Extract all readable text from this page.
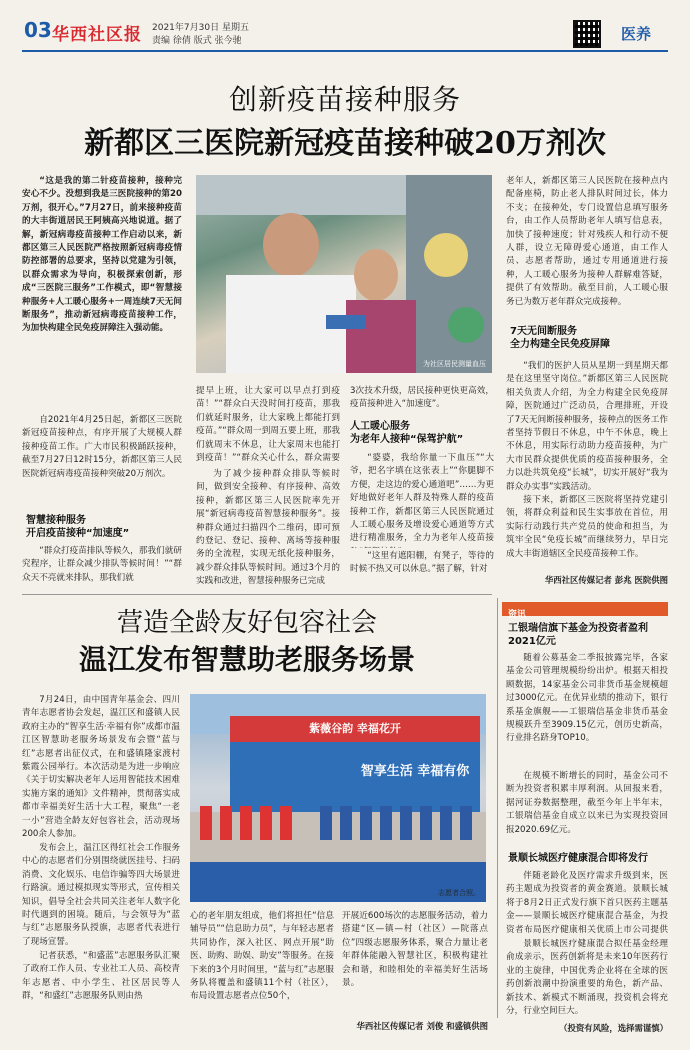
03 华西社区报 2021年7月30日 星期五
责编 徐倩 版式 张今驰	医养
创新疫苗接种服务
新都区三医院新冠疫苗接种破20万剂次
“这是我的第二针疫苗接种，接种完安心不少。没想到我是三医院接种的第20万剂，很开心。”7月27日，前来接种疫苗的大丰街道居民王阿姨高兴地说道。据了解，新冠病毒疫苗接种工作启动以来，新都区第三人民医院严格按照新冠病毒疫情防控部署的总要求，坚持以党建为引领，以群众需求为导向，积极探索创新，形成“三医院三服务”工作模式，即“智慧接种服务+人工暖心服务+一周连续7天无间断服务”，推动新冠病毒疫苗接种工作，为加快构建全民免疫屏障注入强动能。
自2021年4月25日起，新都区三医院新冠疫苗接种点，有序开展了大规模人群接种疫苗工作。广大市民积极踊跃接种，截至7月27日12时15分，新都区第三人民医院新冠病毒疫苗接种突破20万剂次。
智慧接种服务
开启疫苗接种“加速度”
“群众打疫苗排队等候久，那我们就研究程序，让群众减少排队等候时间！”“群众天不亮就来排队，那我们就
为社区居民测量血压
提早上班，让大家可以早点打到疫苗！”“群众白天没时间打疫苗，那我们就延时服务，让大家晚上都能打到疫苗。”“群众周一到周五要上班，那我们就周末不休息，让大家周末也能打到疫苗！”“群众关心什么，群众需要
为了减少接种群众排队等候时间，做到安全接种、有序接种、高效接种，新都区第三人民医院率先开展“新冠病毒疫苗智慧接种服务”。接种群众通过扫描四个二维码，即可预约登记、登记、接种、离场等接种服务的全流程，实现无纸化接种服务，减少群众排队等候时间。通过3个月的实践和改进，智慧接种服务已完成
3次技术升级，居民接种更快更高效，疫苗接种进入“加速度”。
人工暖心服务
为老年人接种“保驾护航”
“婆婆，我给你量一下血压”“大爷，把名字填在这张表上”“你腿脚不方便，走这边的爱心通道吧”……为更好地做好老年人群及特殊人群的疫苗接种工作，新都区第三人民医院通过人工暖心服务及增设爱心通道等方式进行精准服务，全力为老年人疫苗接
“这里有遮阳棚，有凳子，等待的时候不热又可以休息。”据了解，针对
老年人，新都区第三人民医院在接种点内配备座椅，防止老人排队时间过长，体力不支；在接种处，专门设置信息填写服务台，由工作人员帮助老年人填写信息表，加快了接种速度；针对残疾人和行动不便人群，设立无障碍爱心通道，由工作人员、志愿者帮助，通过专用通道进行接种，人工暖心服务为接种人群解难答疑，提供了有效帮助。截至目前，人工暖心服务已为数万老年群众完成接种。
7天无间断服务
全力构建全民免疫屏障
“我们的医护人员从星期一到星期天都是在这里坚守岗位。”新都区第三人民医院相关负责人介绍，为全力构建全民免疫屏障，医院通过广泛动员，合理排班，开设了7天无间断接种服务，接种点的医务工作者坚持节假日不休息，中午不休息，晚上不休息，用实际行动助力疫苗接种，为广大市民群众提供优质的疫苗接种服务，全力以赴共筑免疫“长城”，切实开展好“我为群众办实事”实践活动。
接下来，新都区三医院将坚持党建引领，将群众利益和民生实事放在首位，用实际行动践行共产党员的使命和担当，为筑牢全民“免疫长城”而继续努力，早日完成大丰街道辖区全民疫苗接种工作。
华西社区传媒记者 彭兆 医院供图
营造全龄友好包容社会
温江发布智慧助老服务场景
7月24日，由中国青年基金会、四川青年志愿者协会发起，温江区和盛镇人民政府主办的“智享生活·幸福有你”成都市温江区智慧助老服务场景发布会暨“蓝与红”志愿者出征仪式，在和盛镇隆家渡村紫霞公园举行。本次活动是为进一步响应《关于切实解决老年人运用智能技术困难实施方案的通知》文件精神，贯彻落实成都市幸福美好生活十大工程，聚焦“一老一小”营造全龄友好包容社会，活动现场200余人参加。
发布会上，温江区得红社会工作服务中心的志愿者们分别围绕就医挂号、扫码消费、文化娱乐、电信诈骗等四大场景进行路演。通过模拟现实等形式，宣传相关知识，倡导全社会共同关注老年人数字化时代遇到的困境。随后，与会领导为“蓝与红”志愿服务队授旗，志愿者代表进行了现场宣誓。
记者获悉，“和盛蓝”志愿服务队汇聚了政府工作人员、专业社工人员、高校青年志愿者、中小学生、社区居民等人群，“和盛红”志愿服务队则由热
紫薇谷韵 幸福花开
智享生活 幸福有你
志愿者合照。
心的老年朋友组成，他们将担任“信息辅导员”“信息助力员”，与年轻志愿者共同协作，深入社区、网点开展“助医、助购、助娱、助安”等服务。在接下来的3个月时间里，“蓝与红”志愿服务队将覆盖和盛镇11个村（社区），布局设置志愿者点位50个，
开展近600场次的志愿服务活动，着力搭建“区—镇—村（社区）—院落点位”四级志愿服务体系，聚合力量让老年群体能融入智慧社区，积极构建社会和谐，和睦相处的幸福美好生活场景。
华西社区传媒记者 刘俊 和盛镇供图
资讯
工银瑞信旗下基金为投资者盈利2021亿元
随着公募基金二季报披露完毕，各家基金公司管理规模纷纷出炉。根据天相投顾数据，14家基金公司非货币基金规模超过3000亿元。在优异业绩的推动下，银行系基金旗舰——工银瑞信基金非货币基金规模跃升至3909.15亿元，创历史新高，行业排名跻身TOP10。
在规模不断增长的同时，基金公司不断为投资者积累丰厚利润。从回报来看，据河证券数据整理，截至今年上半年末，工银瑞信基金自成立以来已为实现投资回报2020.69亿元。
景顺长城医疗健康混合即将发行
伴随老龄化及医疗需求升级到来，医药主题成为投资者的黄金赛道。景顺长城将于8月2日正式发行旗下首只医药主题基金——景顺长城医疗健康混合基金，为投资者布局医疗健康相关优质上市公司提供
景顺长城医疗健康混合拟任基金经理俞成亲示，医药创新将是未来10年医药行业的主旋律，中国优秀企业将在全球的医药创新浪潮中扮演重要的角色，新产品、新技术、新模式不断涌现，投资机会将充分，行业空间巨大。
（投资有风险，选择需谨慎）
